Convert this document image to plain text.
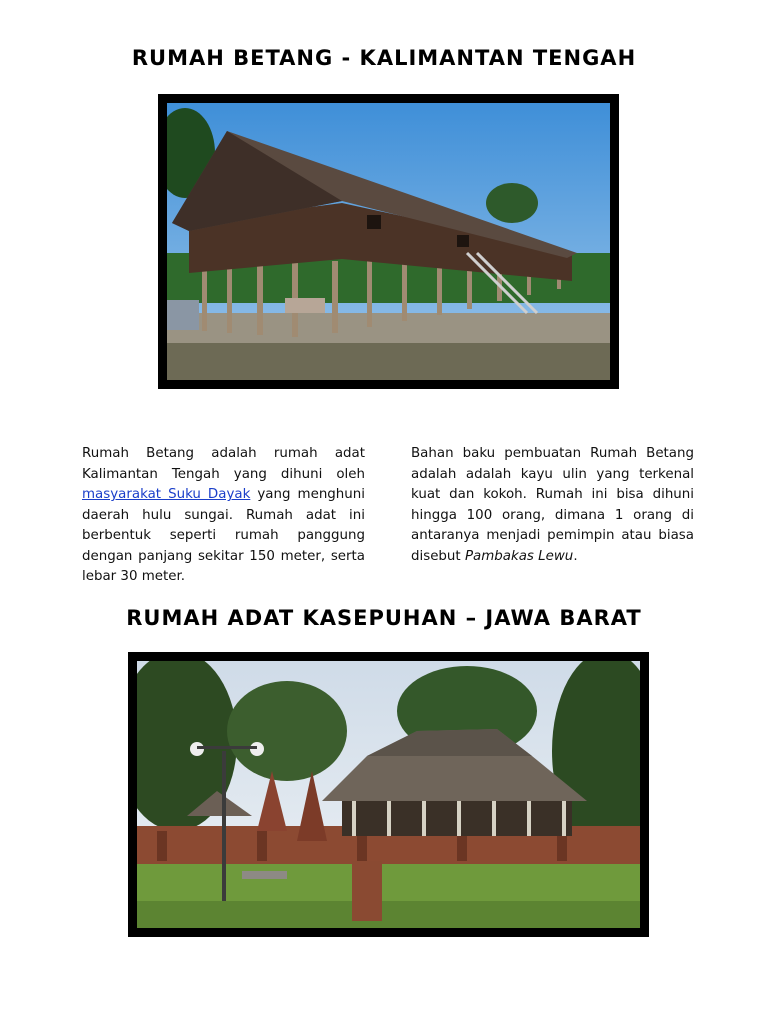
RUMAH BETANG - KALIMANTAN TENGAH
Rumah Betang adalah rumah adat Kalimantan Tengah yang dihuni oleh masyarakat Suku Dayak yang menghuni daerah hulu sungai. Rumah adat ini berbentuk seperti rumah panggung dengan panjang sekitar 150 meter, serta lebar 30 meter.
Bahan baku pembuatan Rumah Betang adalah adalah kayu ulin yang terkenal kuat dan kokoh. Rumah ini bisa dihuni hingga 100 orang, dimana 1 orang di antaranya menjadi pemimpin atau biasa disebut Pambakas Lewu.
RUMAH ADAT KASEPUHAN – JAWA BARAT
